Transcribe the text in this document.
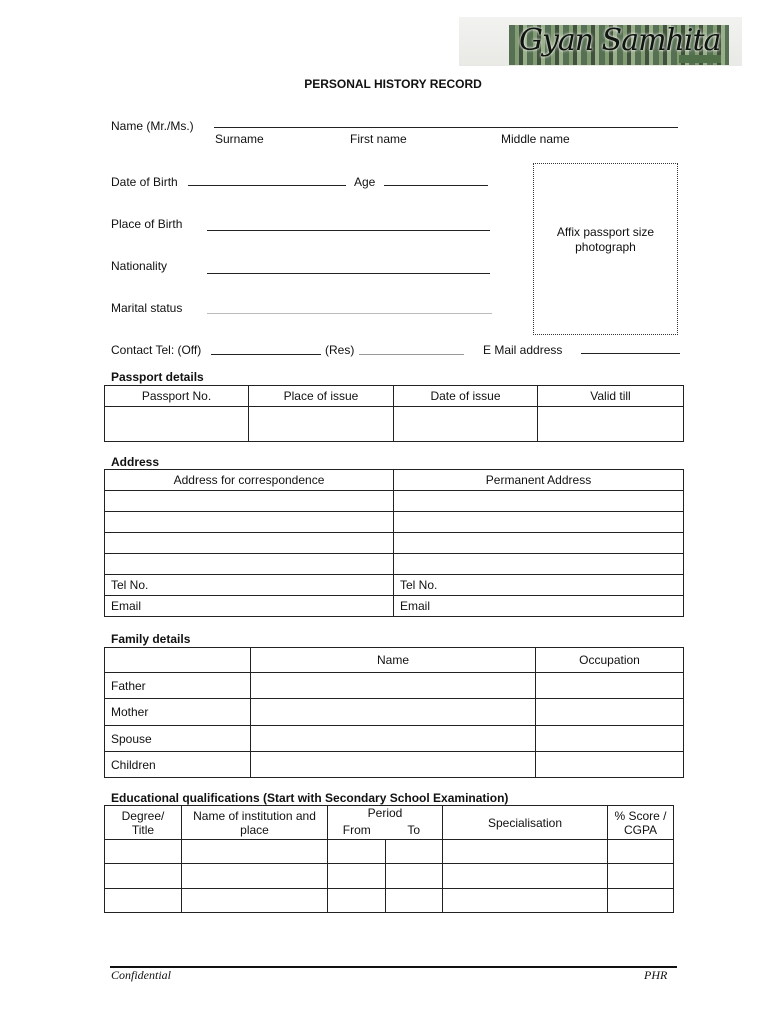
Gyan Samhita
PERSONAL HISTORY RECORD
Name (Mr./Ms.)
Surname	First name	Middle name
Date of Birth	Age
Place of Birth
Nationality
Marital status
Affix passport size photograph
Contact Tel: (Off)	(Res)	E Mail address
Passport details
Passport No.	Place of issue	Date of issue	Valid till

Address
Address for correspondence	Permanent Address

Tel No.	Tel No.
Email	Email
Family details
	Name	Occupation
Father		
Mother		
Spouse		
Children		
Educational qualifications (Start with Secondary School Examination)
Degree/ Title	Name of institution and place	Period		Specialisation	% Score / CGPA
		From	To		

Confidential	PHR
